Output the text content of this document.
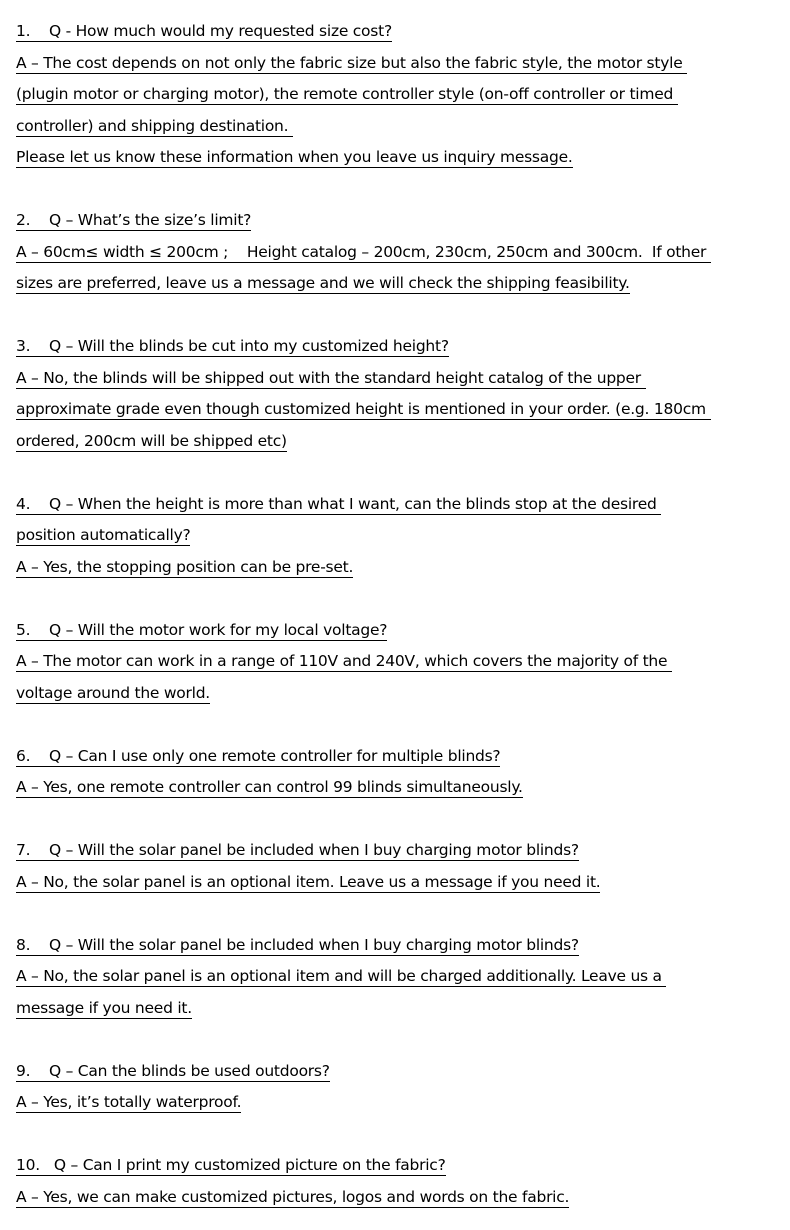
1.    Q - How much would my requested size cost?
A – The cost depends on not only the fabric size but also the fabric style, the motor style
(plugin motor or charging motor), the remote controller style (on-off controller or timed
controller) and shipping destination.
Please let us know these information when you leave us inquiry message.
2.    Q – What’s the size’s limit?
A – 60cm≤ width ≤ 200cm ;    Height catalog – 200cm, 230cm, 250cm and 300cm.  If other
sizes are preferred, leave us a message and we will check the shipping feasibility.
3.    Q – Will the blinds be cut into my customized height?
A – No, the blinds will be shipped out with the standard height catalog of the upper
approximate grade even though customized height is mentioned in your order. (e.g. 180cm
ordered, 200cm will be shipped etc)
4.    Q – When the height is more than what I want, can the blinds stop at the desired
position automatically?
A – Yes, the stopping position can be pre-set.
5.    Q – Will the motor work for my local voltage?
A – The motor can work in a range of 110V and 240V, which covers the majority of the
voltage around the world.
6.    Q – Can I use only one remote controller for multiple blinds?
A – Yes, one remote controller can control 99 blinds simultaneously.
7.    Q – Will the solar panel be included when I buy charging motor blinds?
A – No, the solar panel is an optional item. Leave us a message if you need it.
8.    Q – Will the solar panel be included when I buy charging motor blinds?
A – No, the solar panel is an optional item and will be charged additionally. Leave us a
message if you need it.
9.    Q – Can the blinds be used outdoors?
A – Yes, it’s totally waterproof.
10.   Q – Can I print my customized picture on the fabric?
A – Yes, we can make customized pictures, logos and words on the fabric.
